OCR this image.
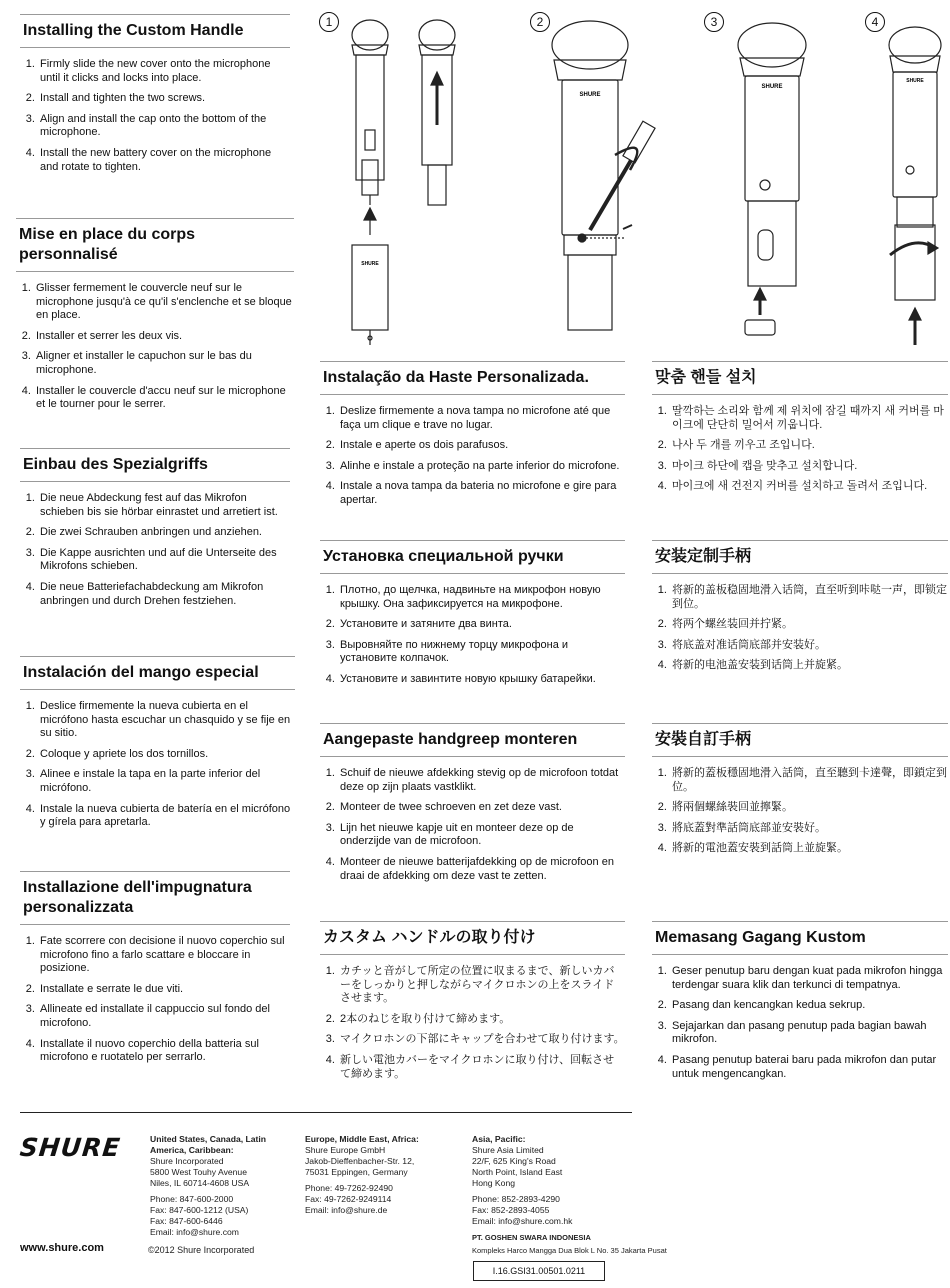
Installing the Custom Handle
1. Firmly slide the new cover onto the microphone until it clicks and locks into place.
2. Install and tighten the two screws.
3. Align and install the cap onto the bottom of the microphone.
4. Install the new battery cover on the microphone and rotate to tighten.
Mise en place du corps personnalisé
1. Glisser fermement le couvercle neuf sur le microphone jusqu'à ce qu'il s'enclenche et se bloque en place.
2. Installer et serrer les deux vis.
3. Aligner et installer le capuchon sur le bas du microphone.
4. Installer le couvercle d'accu neuf sur le microphone et le tourner pour le serrer.
Einbau des Spezialgriffs
1. Die neue Abdeckung fest auf das Mikrofon schieben bis sie hörbar einrastet und arretiert ist.
2. Die zwei Schrauben anbringen und anziehen.
3. Die Kappe ausrichten und auf die Unterseite des Mikrofons schieben.
4. Die neue Batteriefachabdeckung am Mikrofon anbringen und durch Drehen festziehen.
Instalación del mango especial
1. Deslice firmemente la nueva cubierta en el micrófono hasta escuchar un chasquido y se fije en su sitio.
2. Coloque y apriete los dos tornillos.
3. Alinee e instale la tapa en la parte inferior del micrófono.
4. Instale la nueva cubierta de batería en el micrófono y gírela para apretarla.
Installazione dell'impugnatura personalizzata
1. Fate scorrere con decisione il nuovo coperchio sul microfono fino a farlo scattare e bloccare in posizione.
2. Installate e serrate le due viti.
3. Allineate ed installate il cappuccio sul fondo del microfono.
4. Installate il nuovo coperchio della batteria sul microfono e ruotatelo per serrarlo.
Instalação da Haste Personalizada.
1. Deslize firmemente a nova tampa no microfone até que faça um clique e trave no lugar.
2. Instale e aperte os dois parafusos.
3. Alinhe e instale a proteção na parte inferior do microfone.
4. Instale a nova tampa da bateria no microfone e gire para apertar.
Установка специальной ручки
1. Плотно, до щелчка, надвиньте на микрофон новую крышку. Она зафиксируется на микрофоне.
2. Установите и затяните два винта.
3. Выровняйте по нижнему торцу микрофона и установите колпачок.
4. Установите и завинтите новую крышку батарейки.
Aangepaste handgreep monteren
1. Schuif de nieuwe afdekking stevig op de microfoon totdat deze op zijn plaats vastklikt.
2. Monteer de twee schroeven en zet deze vast.
3. Lijn het nieuwe kapje uit en monteer deze op de onderzijde van de microfoon.
4. Monteer de nieuwe batterijafdekking op de microfoon en draai de afdekking om deze vast te zetten.
カスタム ハンドルの取り付け
1. カチッと音がして所定の位置に収まるまで、新しいカバーをしっかりと押しながらマイクロホンの上をスライドさせます。
2. 2本のねじを取り付けて締めます。
3. マイクロホンの下部にキャップを合わせて取り付けます。
4. 新しい電池カバーをマイクロホンに取り付け、回転させて締めます。
맞춤 핸들 설치
1. 딸깍하는 소리와 함께 제 위치에 잠길 때까지 새 커버를 마이크에 단단히 밀어서 끼웁니다.
2. 나사 두 개를 끼우고 조입니다.
3. 마이크 하단에 캡을 맞추고 설치합니다.
4. 마이크에 새 건전지 커버를 설치하고 돌려서 조입니다.
安装定制手柄
1. 将新的盖板稳固地滑入话筒，直至听到咔哒一声，即锁定到位。
2. 将两个螺丝装回并拧紧。
3. 将底盖对准话筒底部并安装好。
4. 将新的电池盖安装到话筒上并旋紧。
安裝自訂手柄
1. 將新的蓋板穩固地滑入話筒，直至聽到卡達聲，即鎖定到位。
2. 將兩個螺絲裝回並擰緊。
3. 將底蓋對準話筒底部並安裝好。
4. 將新的電池蓋安裝到話筒上並旋緊。
Memasang Gagang Kustom
1. Geser penutup baru dengan kuat pada mikrofon hingga terdengar suara klik dan terkunci di tempatnya.
2. Pasang dan kencangkan kedua sekrup.
3. Sejajarkan dan pasang penutup pada bagian bawah mikrofon.
4. Pasang penutup baterai baru pada mikrofon dan putar untuk mengencangkan.
1	2	3	4
SHURE
SHURE
SHURE
SHURE
SHURE
www.shure.com	©2012 Shure Incorporated
United States, Canada, Latin America, Caribbean:
Shure Incorporated
5800 West Touhy Avenue
Niles, IL 60714-4608 USA
Phone: 847-600-2000
Fax: 847-600-1212 (USA)
Fax: 847-600-6446
Email: info@shure.com
Europe, Middle East, Africa:
Shure Europe GmbH
Jakob-Dieffenbacher-Str. 12,
75031 Eppingen, Germany
Phone: 49-7262-92490
Fax: 49-7262-9249114
Email: info@shure.de
Asia, Pacific:
Shure Asia Limited
22/F, 625 King's Road
North Point, Island East
Hong Kong
Phone: 852-2893-4290
Fax: 852-2893-4055
Email: info@shure.com.hk
PT. GOSHEN SWARA INDONESIA
Kompleks Harco Mangga Dua Blok L No. 35 Jakarta Pusat
I.16.GSI31.00501.0211
